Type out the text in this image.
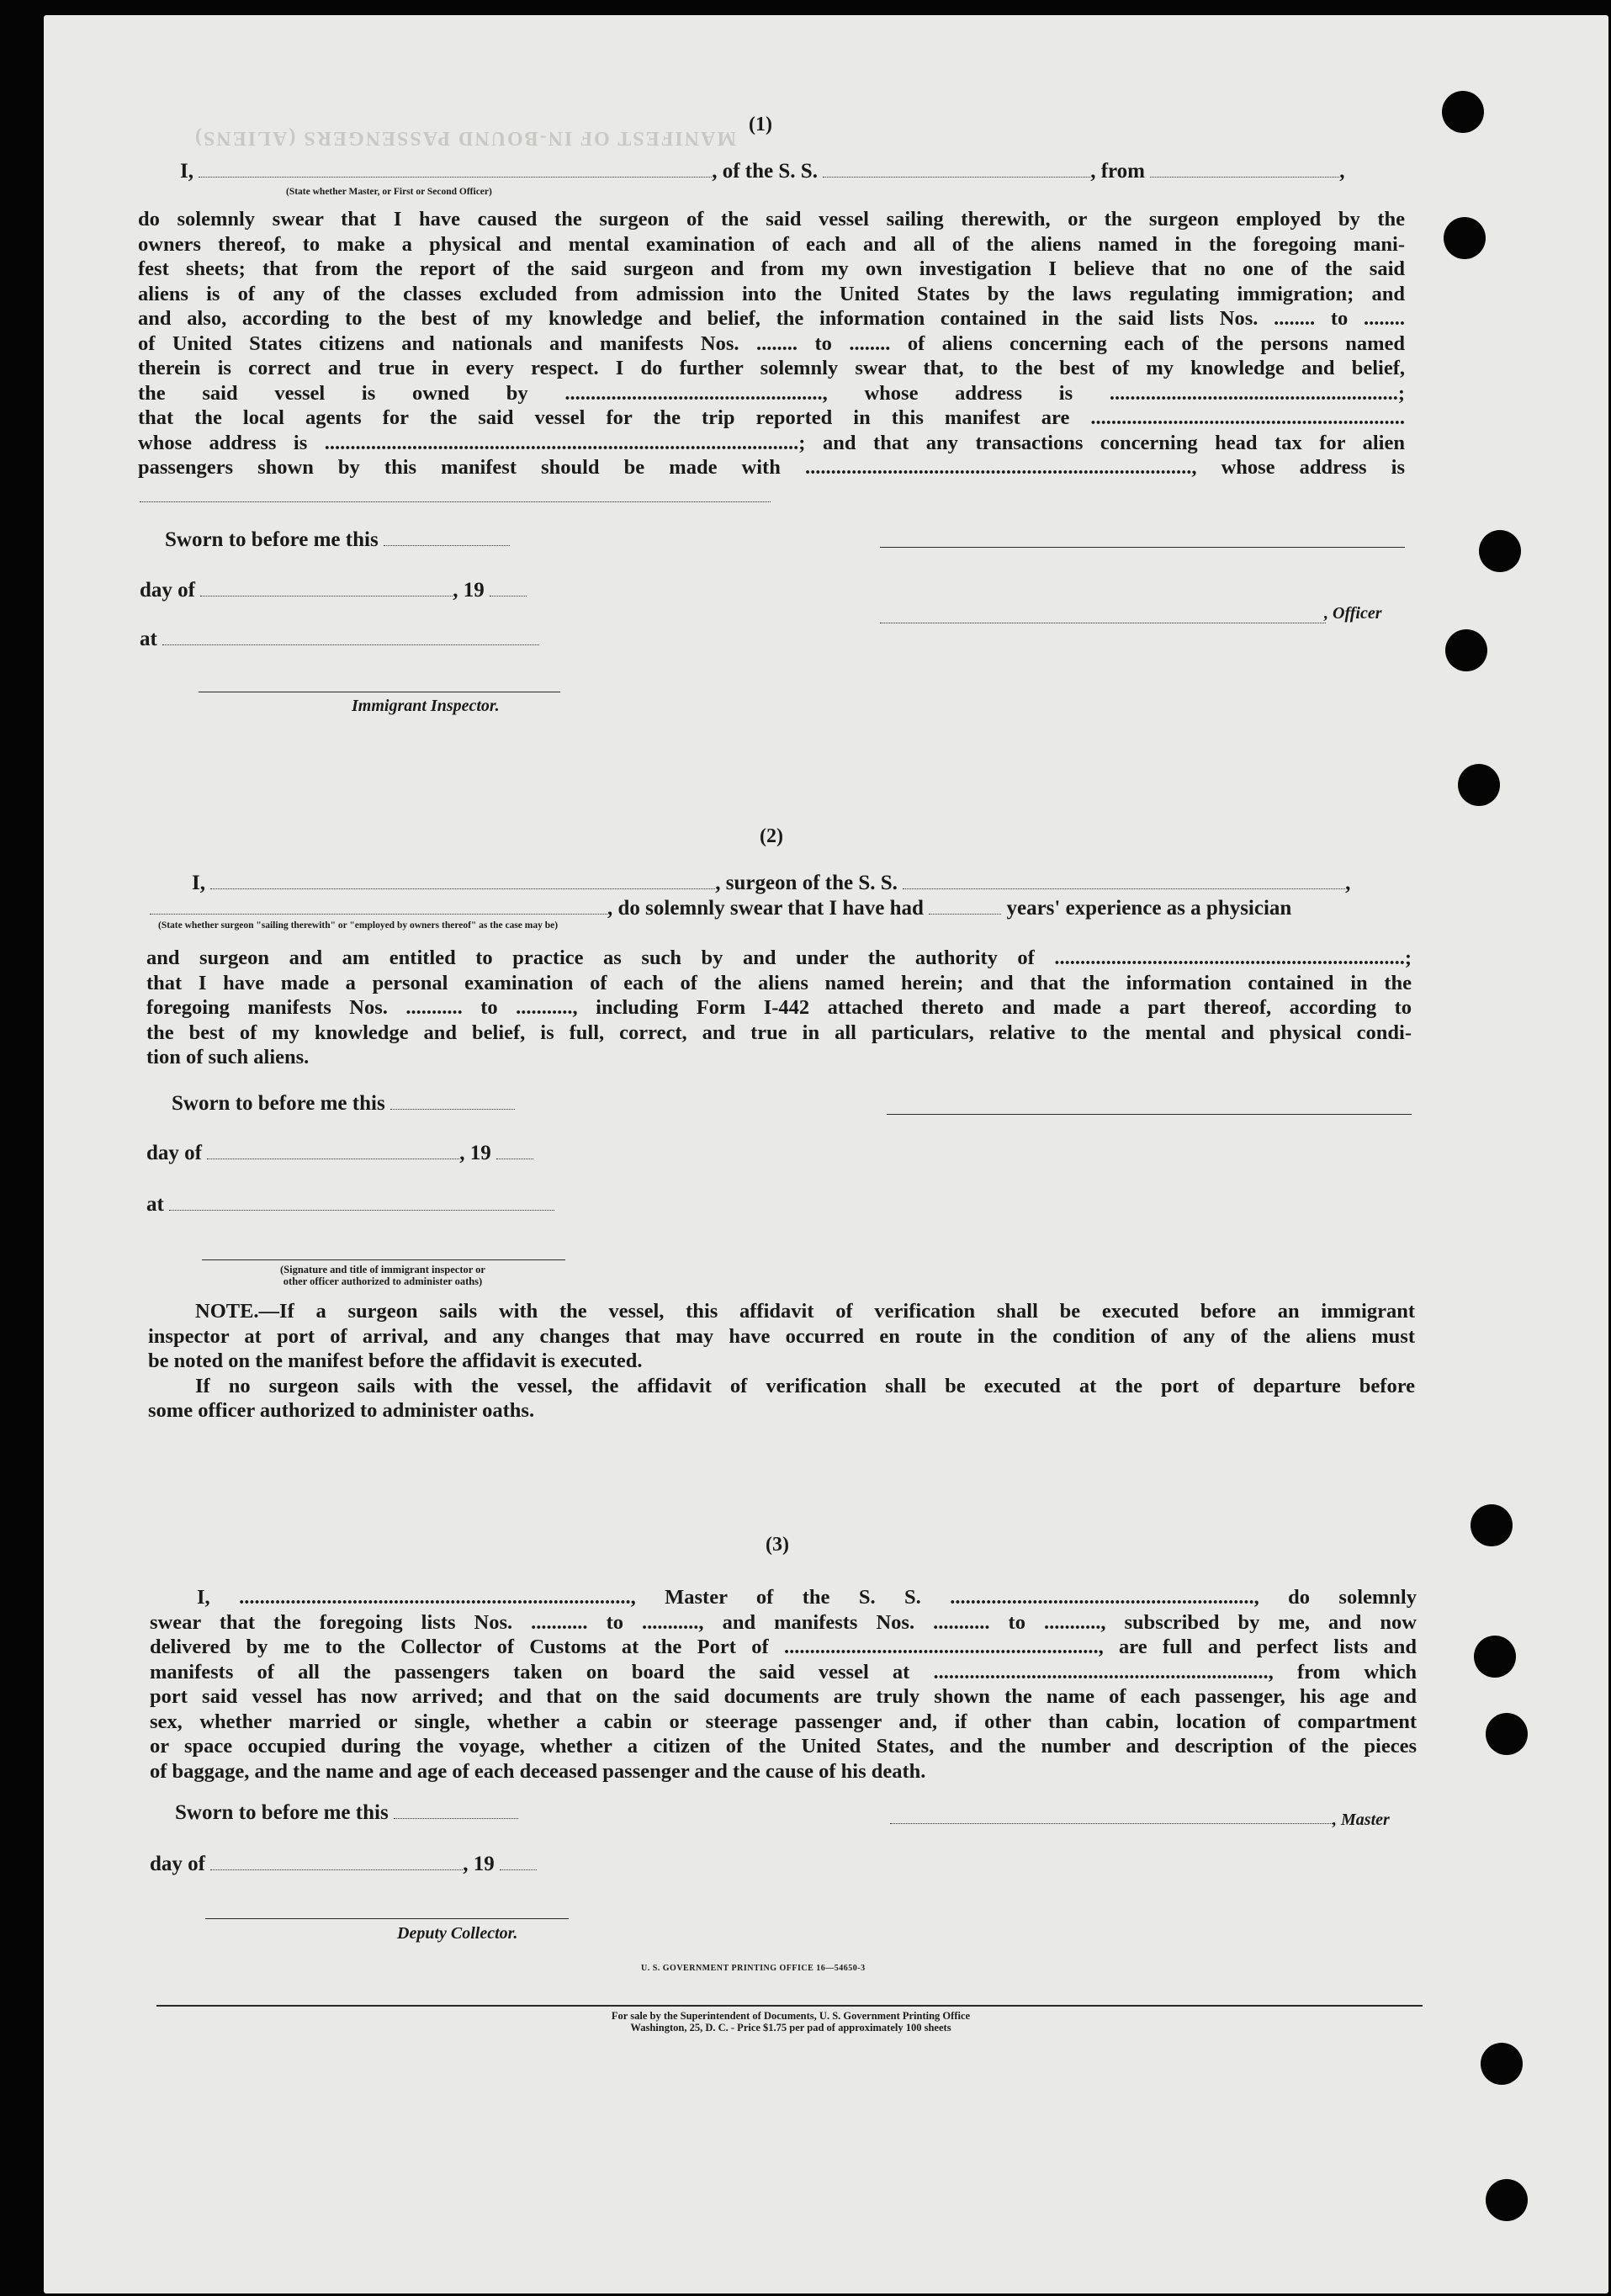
MANIFEST OF IN-BOUND PASSENGERS (ALIENS)
(1)
I,	, of the S. S.	, from	,
(State whether Master, or First or Second Officer)
do solemnly swear that I have caused the surgeon of the said vessel sailing therewith, or the surgeon employed by the
owners thereof, to make a physical and mental examination of each and all of the aliens named in the foregoing mani-
fest sheets; that from the report of the said surgeon and from my own investigation I believe that no one of the said
aliens is of any of the classes excluded from admission into the United States by the laws regulating immigration; and
and also, according to the best of my knowledge and belief, the information contained in the said lists Nos. ........ to ........
of United States citizens and nationals and manifests Nos. ........ to ........ of aliens concerning each of the persons named
therein is correct and true in every respect. I do further solemnly swear that, to the best of my knowledge and belief,
the said vessel is owned by .................................................., whose address is ........................................................;
that the local agents for the said vessel for the trip reported in this manifest are .............................................................
whose address is ............................................................................................; and that any transactions concerning head tax for alien
passengers shown by this manifest should be made with ..........................................................................., whose address is
Sworn to before me this
day of	, 19
at
Immigrant Inspector.
, Officer
(2)
I,	, surgeon of the S. S.	,
, do solemnly swear that I have had	years' experience as a physician
(State whether surgeon "sailing therewith" or "employed by owners thereof" as the case may be)
and surgeon and am entitled to practice as such by and under the authority of ....................................................................;
that I have made a personal examination of each of the aliens named herein; and that the information contained in the
foregoing manifests Nos. ........... to ..........., including Form I-442 attached thereto and made a part thereof, according to
the best of my knowledge and belief, is full, correct, and true in all particulars, relative to the mental and physical condi-
tion of such aliens.
Sworn to before me this
day of	, 19
at
(Signature and title of immigrant inspector or
other officer authorized to administer oaths)
NOTE.—If a surgeon sails with the vessel, this affidavit of verification shall be executed before an immigrant
inspector at port of arrival, and any changes that may have occurred en route in the condition of any of the aliens must
be noted on the manifest before the affidavit is executed.
If no surgeon sails with the vessel, the affidavit of verification shall be executed at the port of departure before
some officer authorized to administer oaths.
(3)
I, ............................................................................, Master of the S. S. ..........................................................., do solemnly
swear that the foregoing lists Nos. ........... to ..........., and manifests Nos. ........... to ..........., subscribed by me, and now
delivered by me to the Collector of Customs at the Port of ............................................................., are full and perfect lists and
manifests of all the passengers taken on board the said vessel at ................................................................., from which
port said vessel has now arrived; and that on the said documents are truly shown the name of each passenger, his age and
sex, whether married or single, whether a cabin or steerage passenger and, if other than cabin, location of compartment
or space occupied during the voyage, whether a citizen of the United States, and the number and description of the pieces
of baggage, and the name and age of each deceased passenger and the cause of his death.
Sworn to before me this
day of	, 19
Deputy Collector.
, Master
U. S. GOVERNMENT PRINTING OFFICE 16—54650-3
For sale by the Superintendent of Documents, U. S. Government Printing Office
Washington, 25, D. C. - Price $1.75 per pad of approximately 100 sheets
